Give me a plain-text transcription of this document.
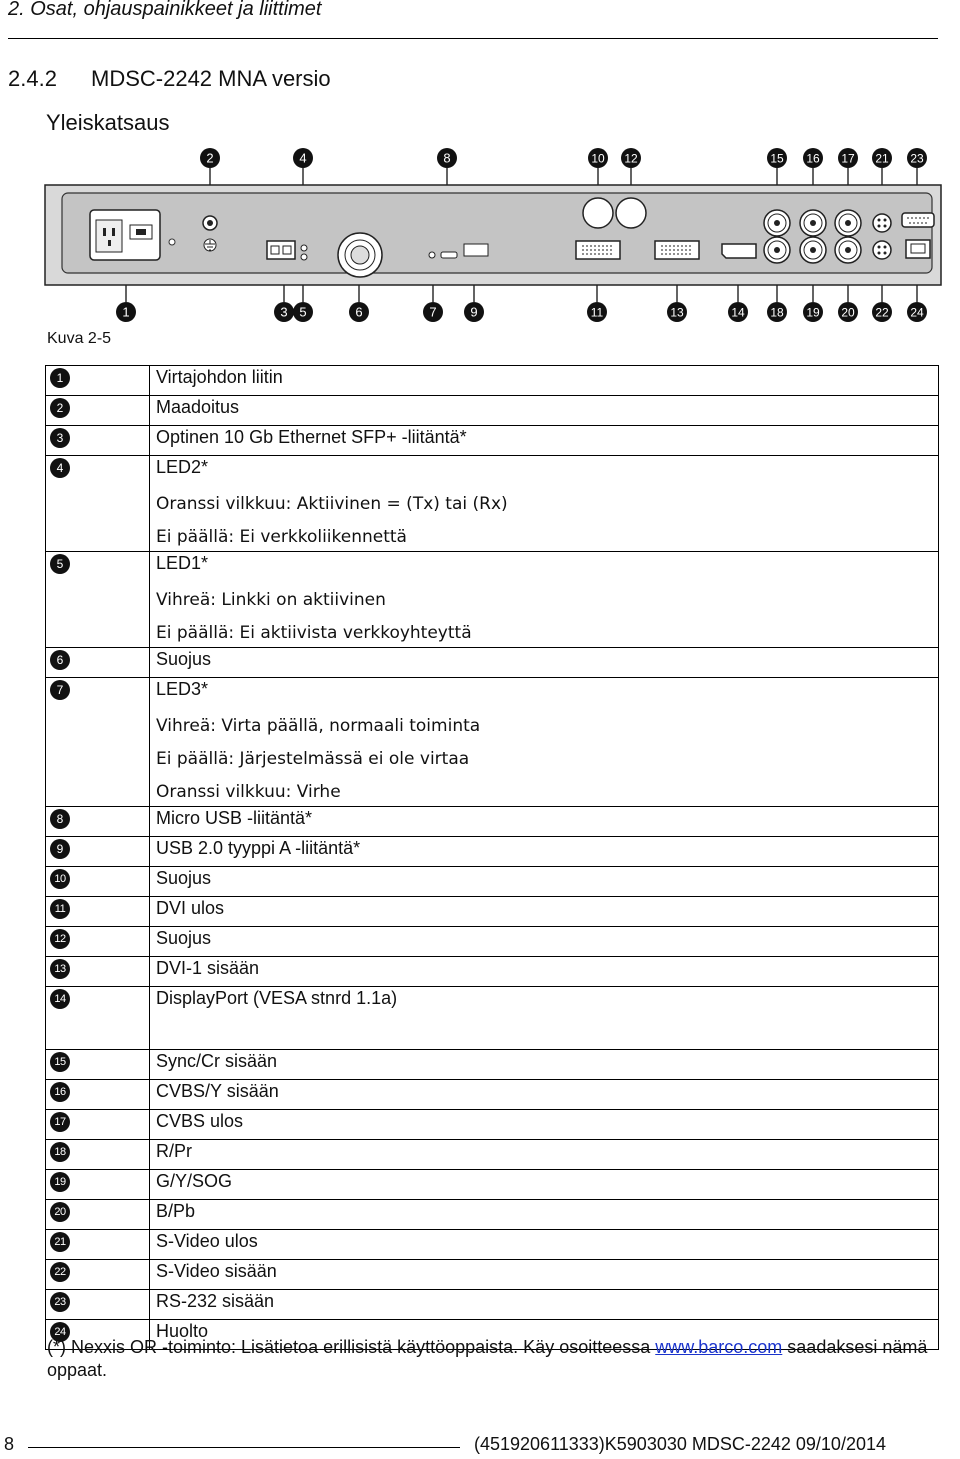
2. Osat, ohjauspainikkeet ja liittimet
2.4.2 MDSC-2242 MNA versio
Yleiskatsaus
2	4	8	10 12	15 16 17 21 23
1	3 5	6	7	9	11	13	14 18 19 20 22 24
Kuva 2-5
1	Virtajohdon liitin

2	Maadoitus

3	Optinen 10 Gb Ethernet SFP+ -liitäntä*

4	LED2*
Oranssi vilkkuu: Aktiivinen = (Tx) tai (Rx)
Ei päällä: Ei verkkoliikennettä

5	LED1*
Vihreä: Linkki on aktiivinen
Ei päällä: Ei aktiivista verkkoyhteyttä

6	Suojus

7	LED3*
Vihreä: Virta päällä, normaali toiminta
Ei päällä: Järjestelmässä ei ole virtaa
Oranssi vilkkuu: Virhe

8	Micro USB -liitäntä*

9	USB 2.0 tyyppi A -liitäntä*

10	Suojus

11	DVI ulos

12	Suojus

13	DVI-1 sisään

14	DisplayPort (VESA stnrd 1.1a)

15	Sync/Cr sisään

16	CVBS/Y sisään

17	CVBS ulos

18	R/Pr

19	G/Y/SOG

20	B/Pb

21	S-Video ulos

22	S-Video sisään

23	RS-232 sisään

24	Huolto
(*) Nexxis OR -toiminto: Lisätietoa erillisistä käyttöoppaista. Käy osoitteessa www.barco.com saadaksesi nämä oppaat.
8	(451920611333)K5903030 MDSC-2242 09/10/2014
